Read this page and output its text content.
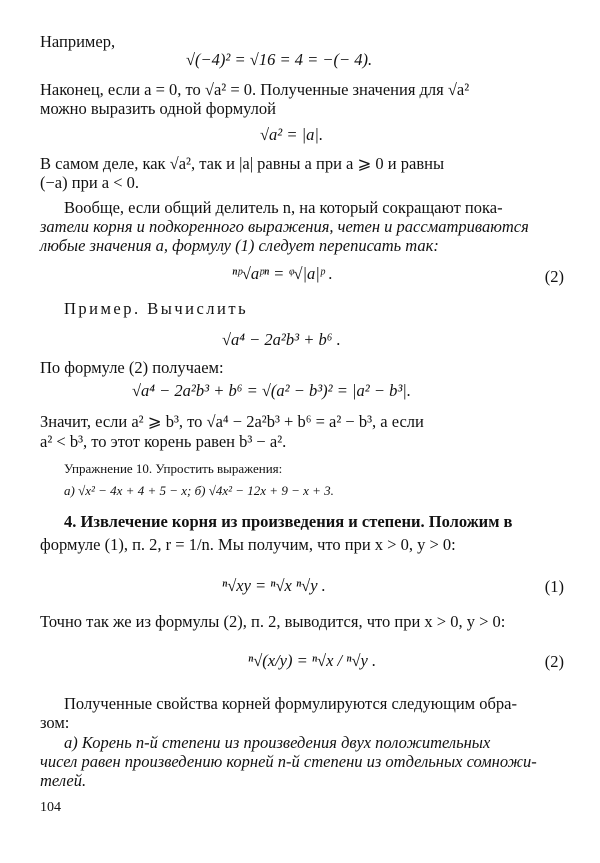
Например,
√(−4)² = √16 = 4 = −(− 4).
Наконец, если a = 0, то √a² = 0. Полученные значения для √a²
можно выразить одной формулой
√a² = |a|.
В самом деле, как √a², так и |a| равны a при a ⩾ 0 и равны
(−a) при a < 0.
Вообще, если общий делитель n, на который сокращают пока-
затели корня и подкоренного выражения, четен и рассматриваются
любые значения a, формулу (1) следует переписать так:
ⁿᵖ√aᵖⁿ = ᵠ√|a|ᵖ .	(2)
Пример. Вычислить
√a⁴ − 2a²b³ + b⁶ .
По формуле (2) получаем:
√a⁴ − 2a²b³ + b⁶ = √(a² − b³)² = |a² − b³|.
Значит, если a² ⩾ b³, то √a⁴ − 2a²b³ + b⁶ = a² − b³, а если
a² < b³, то этот корень равен b³ − a².
Упражнение 10. Упростить выражения:
а) √x² − 4x + 4 + 5 − x; б) √4x² − 12x + 9 − x + 3.
4. Извлечение корня из произведения и степени. Положим в
формуле (1), п. 2, r = 1/n. Мы получим, что при x > 0, y > 0:
ⁿ√xy = ⁿ√x ⁿ√y .	(1)
Точно так же из формулы (2), п. 2, выводится, что при x > 0, y > 0:
ⁿ√(x/y) = ⁿ√x / ⁿ√y .	(2)
Полученные свойства корней формулируются следующим обра-
зом:
а) Корень n-й степени из произведения двух положительных
чисел равен произведению корней n-й степени из отдельных сомножи-
телей.
104
